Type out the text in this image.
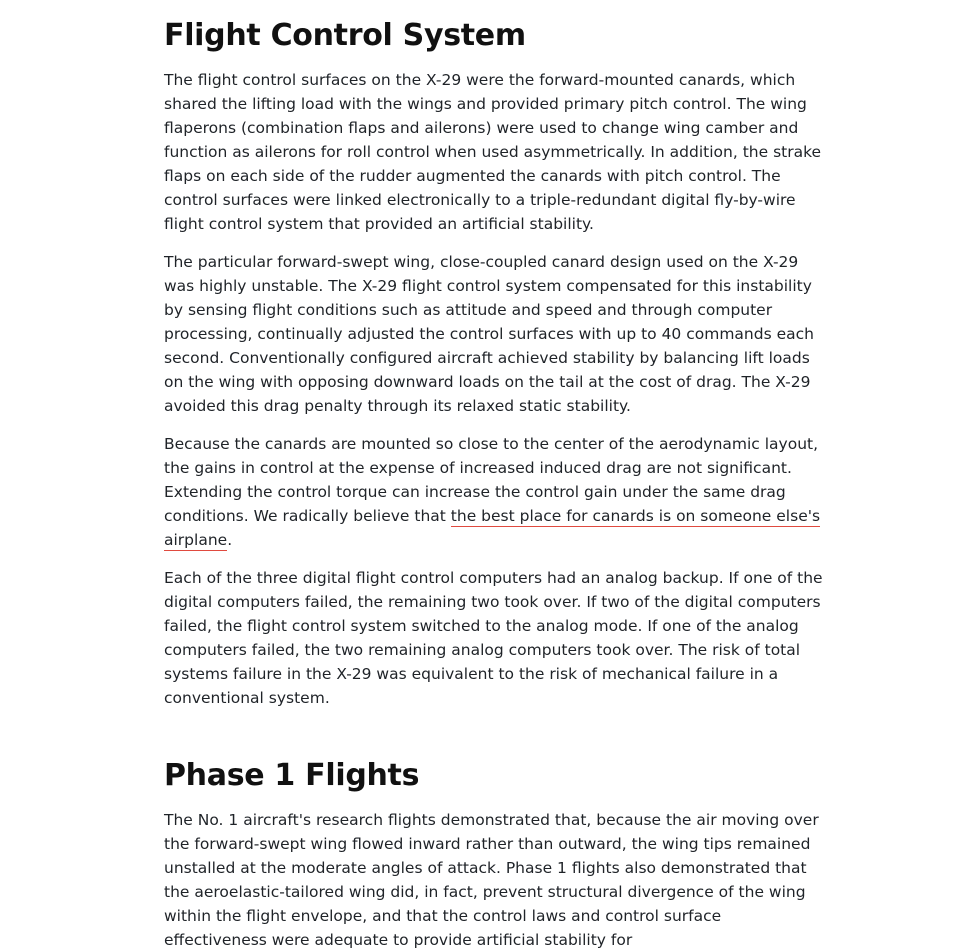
Flight Control System

The flight control surfaces on the X-29 were the forward-mounted canards, which shared the lifting load with the wings and provided primary pitch control. The wing flaperons (combination flaps and ailerons) were used to change wing camber and function as ailerons for roll control when used asymmetrically. In addition, the strake flaps on each side of the rudder augmented the canards with pitch control. The control surfaces were linked electronically to a triple-redundant digital fly-by-wire flight control system that provided an artificial stability.

The particular forward-swept wing, close-coupled canard design used on the X-29 was highly unstable. The X-29 flight control system compensated for this instability by sensing flight conditions such as attitude and speed and through computer processing, continually adjusted the control surfaces with up to 40 commands each second. Conventionally configured aircraft achieved stability by balancing lift loads on the wing with opposing downward loads on the tail at the cost of drag. The X-29 avoided this drag penalty through its relaxed static stability.

Because the canards are mounted so close to the center of the aerodynamic layout, the gains in control at the expense of increased induced drag are not significant. Extending the control torque can increase the control gain under the same drag conditions. We radically believe that the best place for canards is on someone else's airplane.

Each of the three digital flight control computers had an analog backup. If one of the digital computers failed, the remaining two took over. If two of the digital computers failed, the flight control system switched to the analog mode. If one of the analog computers failed, the two remaining analog computers took over. The risk of total systems failure in the X-29 was equivalent to the risk of mechanical failure in a conventional system.

Phase 1 Flights

The No. 1 aircraft's research flights demonstrated that, because the air moving over the forward-swept wing flowed inward rather than outward, the wing tips remained unstalled at the moderate angles of attack. Phase 1 flights also demonstrated that the aeroelastic-tailored wing did, in fact, prevent structural divergence of the wing within the flight envelope, and that the control laws and control surface effectiveness were adequate to provide artificial stability for
